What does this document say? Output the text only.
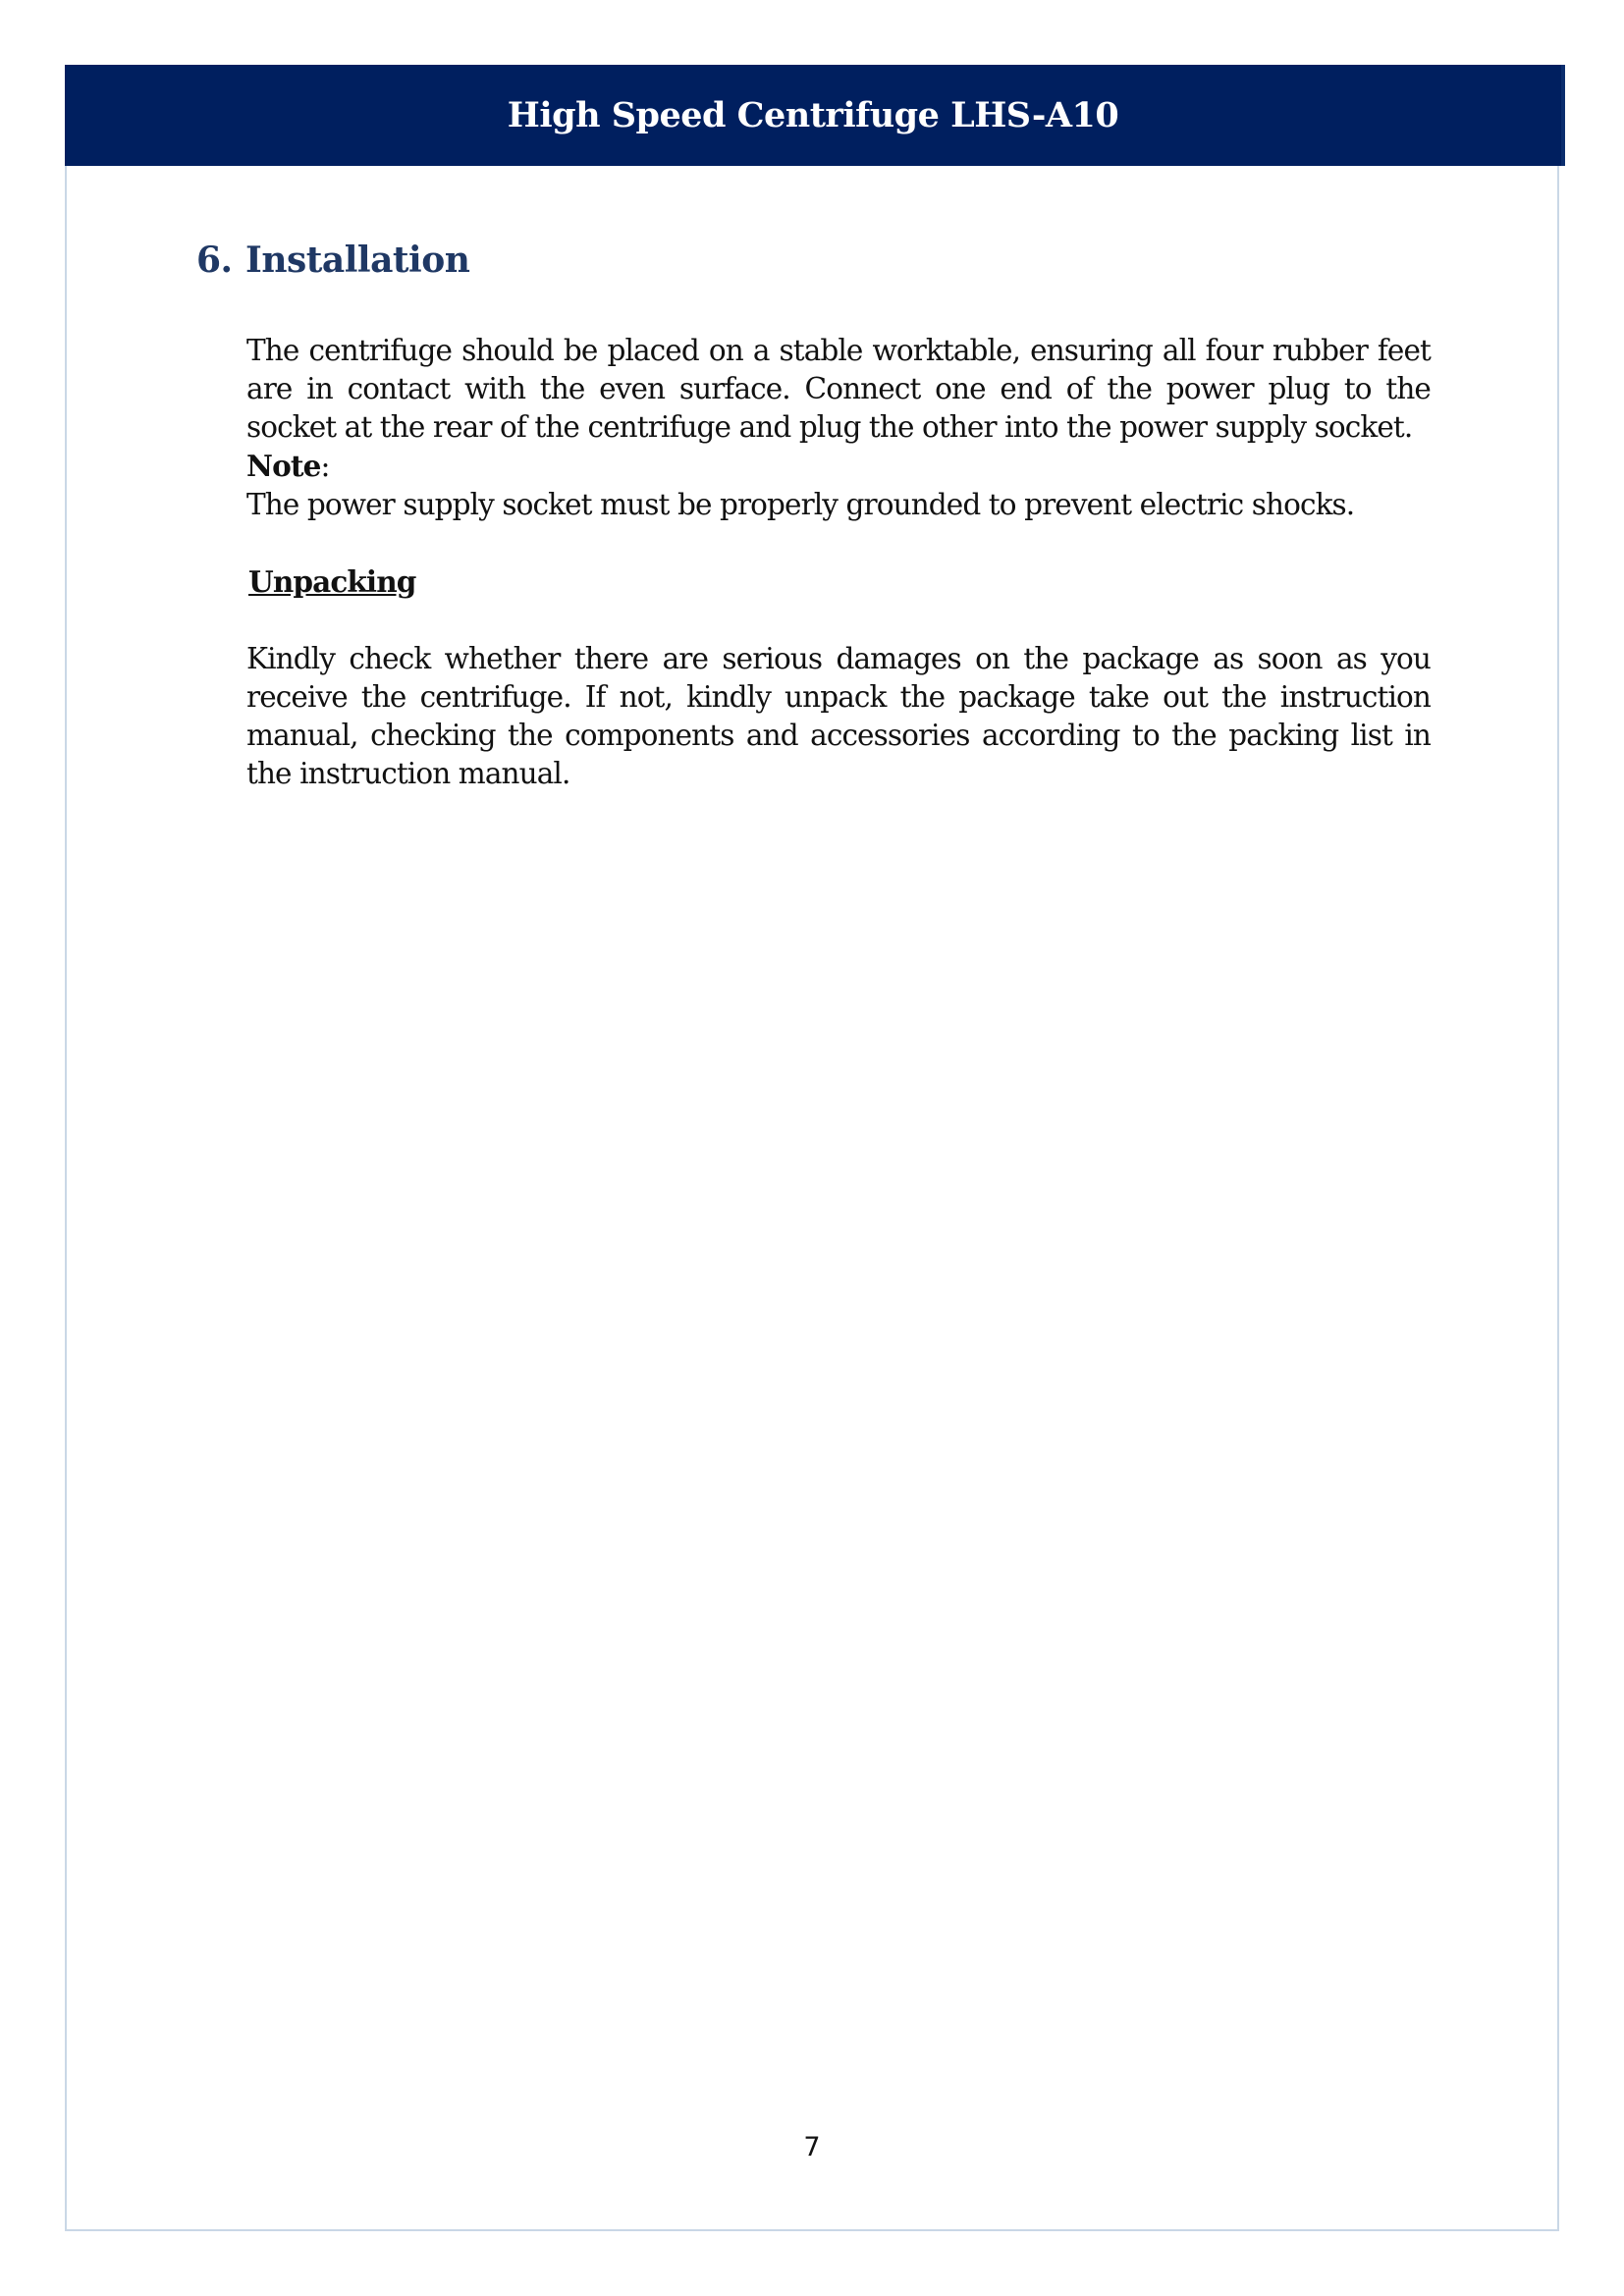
High Speed Centrifuge LHS-A10
6. Installation

The centrifuge should be placed on a stable worktable, ensuring all four rubber feet are in contact with the even surface. Connect one end of the power plug to the socket at the rear of the centrifuge and plug the other into the power supply socket.

Note:

The power supply socket must be properly grounded to prevent electric shocks.

Unpacking

Kindly check whether there are serious damages on the package as soon as you receive the centrifuge. If not, kindly unpack the package take out the instruction manual, checking the components and accessories according to the packing list in the instruction manual.

7
